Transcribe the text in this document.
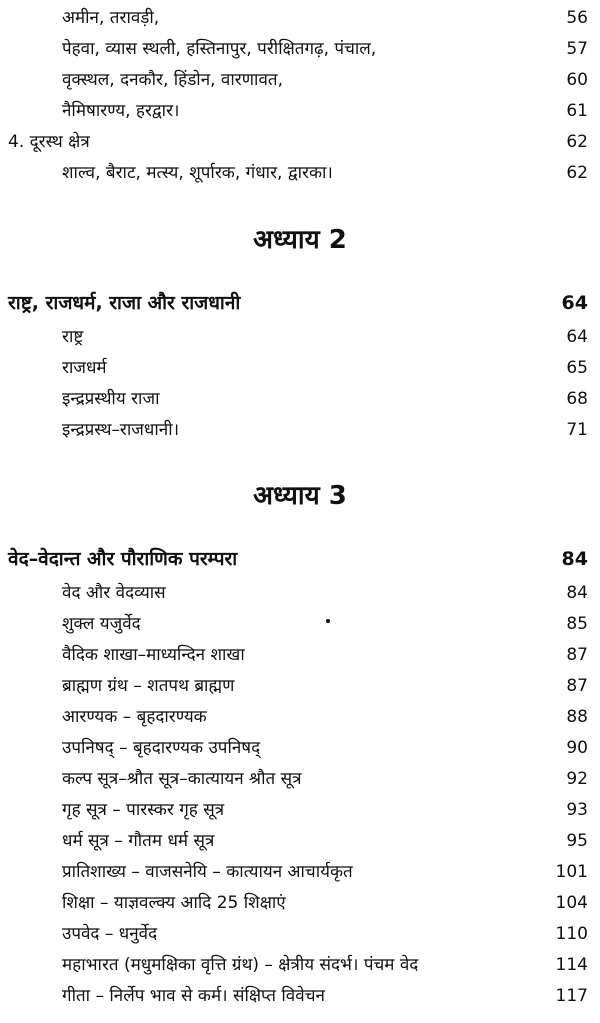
अमीन, तरावड़ी,	56
पेहवा, व्यास स्थली, हस्तिनापुर, परीक्षितगढ़, पंचाल,	57
वृक्स्थल, दनकौर, हिंडोन, वारणावत,	60
नैमिषारण्य, हरद्वार।	61
4. दूरस्थ क्षेत्र	62
शाल्व, बैराट, मत्स्य, शूर्पारक, गंधार, द्वारका।	62
अध्याय 2
राष्ट्र, राजधर्म, राजा और राजधानी	64
राष्ट्र	64
राजधर्म	65
इन्द्रप्रस्थीय राजा	68
इन्द्रप्रस्थ–राजधानी।	71
अध्याय 3
वेद–वेदान्त और पौराणिक परम्परा	84
वेद और वेदव्यास	84
शुक्ल यजुर्वेद	85
वैदिक शाखा–माध्यन्दिन शाखा	87
ब्राह्मण ग्रंथ – शतपथ ब्राह्मण	87
आरण्यक – बृहदारण्यक	88
उपनिषद् – बृहदारण्यक उपनिषद्	90
कल्प सूत्र–श्रौत सूत्र–कात्यायन श्रौत सूत्र	92
गृह सूत्र – पारस्कर गृह सूत्र	93
धर्म सूत्र – गौतम धर्म सूत्र	95
प्रातिशाख्य – वाजसनेयि – कात्यायन आचार्यकृत	101
शिक्षा – याज्ञवल्क्य आदि 25 शिक्षाएं	104
उपवेद – धनुर्वेद	110
महाभारत (मधुमक्षिका वृत्ति ग्रंथ) – क्षेत्रीय संदर्भ। पंचम वेद	114
गीता – निर्लेप भाव से कर्म। संक्षिप्त विवेचन	117
